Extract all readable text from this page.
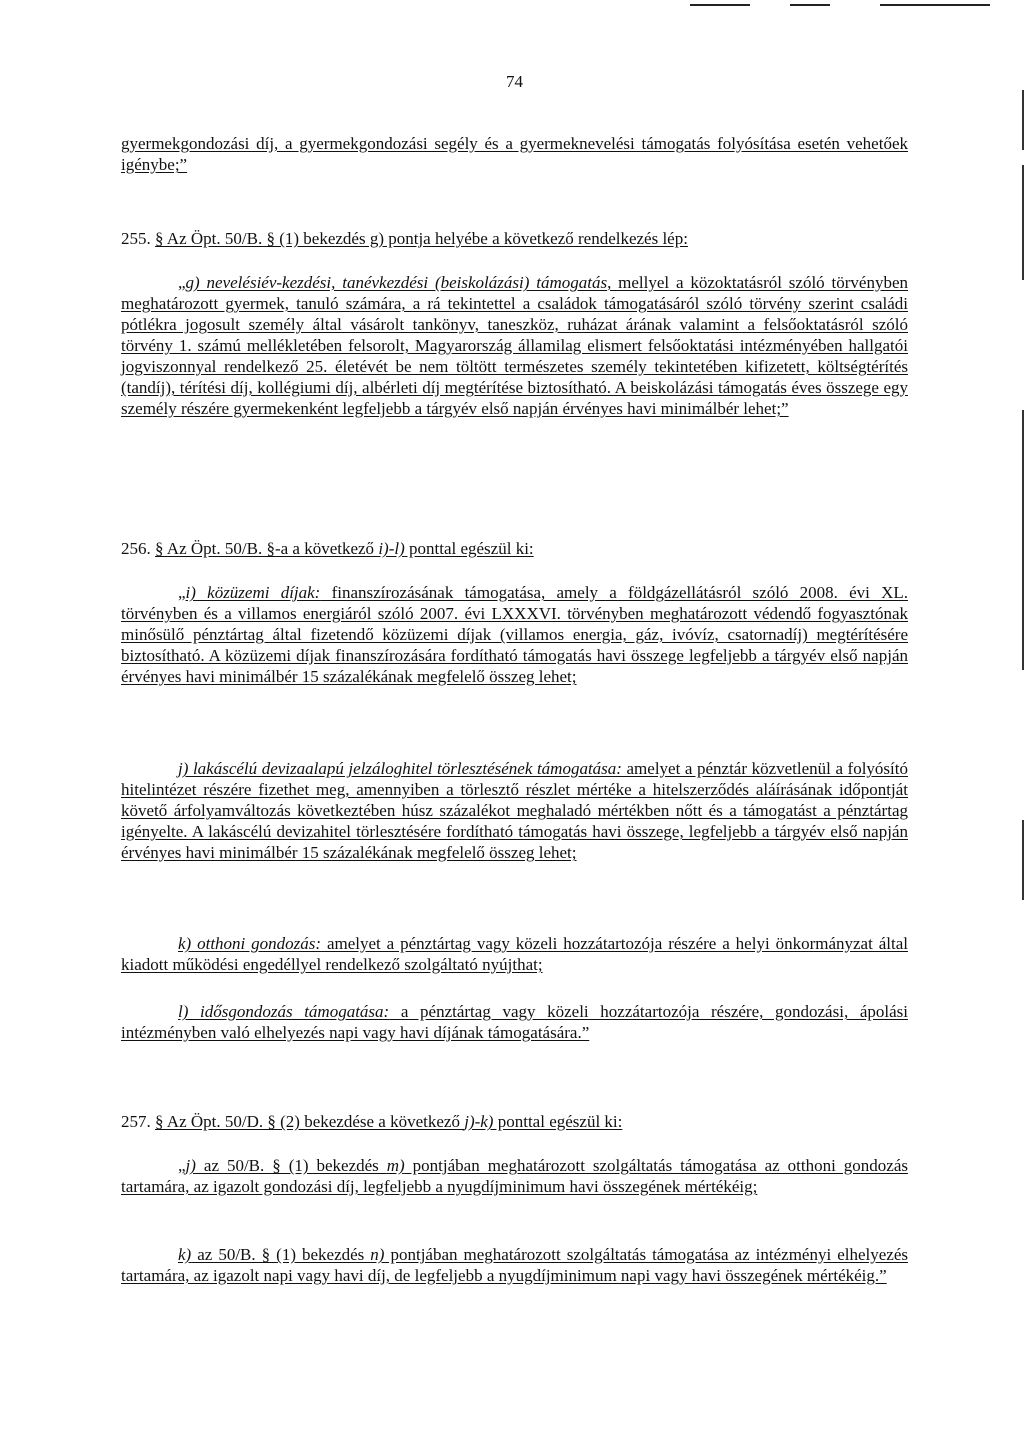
74

gyermekgondozási díj, a gyermekgondozási segély és a gyermeknevelési támogatás folyósítása esetén vehetőek igénybe;”

255. § Az Öpt. 50/B. § (1) bekezdés g) pontja helyébe a következő rendelkezés lép:

„g) nevelésiév-kezdési, tanévkezdési (beiskolázási) támogatás, mellyel a közoktatásról szóló törvényben meghatározott gyermek, tanuló számára, a rá tekintettel a családok támogatásáról szóló törvény szerint családi pótlékra jogosult személy által vásárolt tankönyv, taneszköz, ruházat árának valamint a felsőoktatásról szóló törvény 1. számú mellékletében felsorolt, Magyarország államilag elismert felsőoktatási intézményében hallgatói jogviszonnyal rendelkező 25. életévét be nem töltött természetes személy tekintetében kifizetett, költségtérítés (tandíj), térítési díj, kollégiumi díj, albérleti díj megtérítése biztosítható. A beiskolázási támogatás éves összege egy személy részére gyermekenként legfeljebb a tárgyév első napján érvényes havi minimálbér lehet;”

256. § Az Öpt. 50/B. §-a a következő i)-l) ponttal egészül ki:

„i) közüzemi díjak: finanszírozásának támogatása, amely a földgázellátásról szóló 2008. évi XL. törvényben és a villamos energiáról szóló 2007. évi LXXXVI. törvényben meghatározott védendő fogyasztónak minősülő pénztártag által fizetendő közüzemi díjak (villamos energia, gáz, ivóvíz, csatornadíj) megtérítésére biztosítható. A közüzemi díjak finanszírozására fordítható támogatás havi összege legfeljebb a tárgyév első napján érvényes havi minimálbér 15 százalékának megfelelő összeg lehet;

j) lakáscélú devizaalapú jelzáloghitel törlesztésének támogatása: amelyet a pénztár közvetlenül a folyósító hitelintézet részére fizethet meg, amennyiben a törlesztő részlet mértéke a hitelszerződés aláírásának időpontját követő árfolyamváltozás következtében húsz százalékot meghaladó mértékben nőtt és a támogatást a pénztártag igényelte. A lakáscélú devizahitel törlesztésére fordítható támogatás havi összege, legfeljebb a tárgyév első napján érvényes havi minimálbér 15 százalékának megfelelő összeg lehet;

k) otthoni gondozás: amelyet a pénztártag vagy közeli hozzátartozója részére a helyi önkormányzat által kiadott működési engedéllyel rendelkező szolgáltató nyújthat;

l) idősgondozás támogatása: a pénztártag vagy közeli hozzátartozója részére, gondozási, ápolási intézményben való elhelyezés napi vagy havi díjának támogatására.”

257. § Az Öpt. 50/D. § (2) bekezdése a következő j)-k) ponttal egészül ki:

„j) az 50/B. § (1) bekezdés m) pontjában meghatározott szolgáltatás támogatása az otthoni gondozás tartamára, az igazolt gondozási díj, legfeljebb a nyugdíjminimum havi összegének mértékéig;

k) az 50/B. § (1) bekezdés n) pontjában meghatározott szolgáltatás támogatása az intézményi elhelyezés tartamára, az igazolt napi vagy havi díj, de legfeljebb a nyugdíjminimum napi vagy havi összegének mértékéig.”
